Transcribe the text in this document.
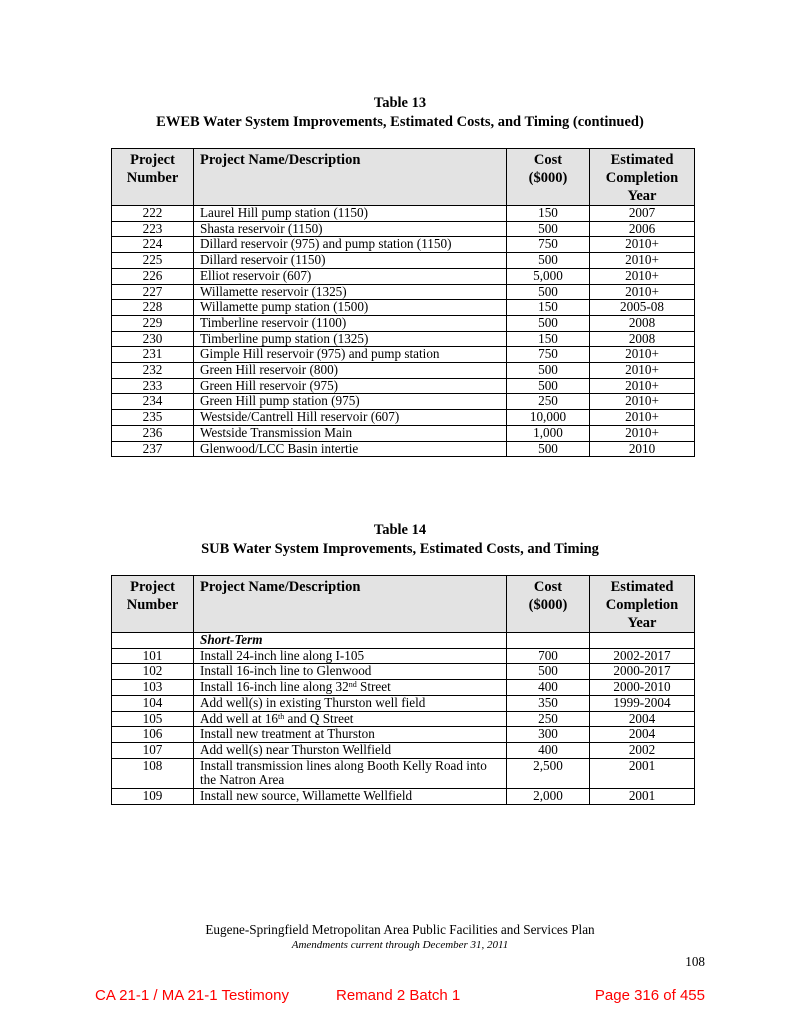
Table 13
EWEB Water System Improvements, Estimated Costs, and Timing (continued)
Project Number	Project Name/Description	Cost ($000)	Estimated Completion Year
222	Laurel Hill pump station (1150)	150	2007
223	Shasta reservoir (1150)	500	2006
224	Dillard reservoir (975) and pump station (1150)	750	2010+
225	Dillard reservoir (1150)	500	2010+
226	Elliot reservoir (607)	5,000	2010+
227	Willamette reservoir (1325)	500	2010+
228	Willamette pump station (1500)	150	2005-08
229	Timberline reservoir (1100)	500	2008
230	Timberline pump station (1325)	150	2008
231	Gimple Hill reservoir (975) and pump station	750	2010+
232	Green Hill reservoir (800)	500	2010+
233	Green Hill reservoir (975)	500	2010+
234	Green Hill pump station (975)	250	2010+
235	Westside/Cantrell Hill reservoir (607)	10,000	2010+
236	Westside Transmission Main	1,000	2010+
237	Glenwood/LCC Basin intertie	500	2010
Table 14
SUB Water System Improvements, Estimated Costs, and Timing
Project Number	Project Name/Description	Cost ($000)	Estimated Completion Year
	Short-Term		
101	Install 24-inch line along I-105	700	2002-2017
102	Install 16-inch line to Glenwood	500	2000-2017
103	Install 16-inch line along 32nd Street	400	2000-2010
104	Add well(s) in existing Thurston well field	350	1999-2004
105	Add well at 16th and Q Street	250	2004
106	Install new treatment at Thurston	300	2004
107	Add well(s) near Thurston Wellfield	400	2002
108	Install transmission lines along Booth Kelly Road into the Natron Area	2,500	2001
109	Install new source, Willamette Wellfield	2,000	2001
Eugene-Springfield Metropolitan Area Public Facilities and Services Plan
Amendments current through December 31, 2011
108
CA 21-1 / MA 21-1 Testimony	Remand 2 Batch 1	Page 316 of 455
